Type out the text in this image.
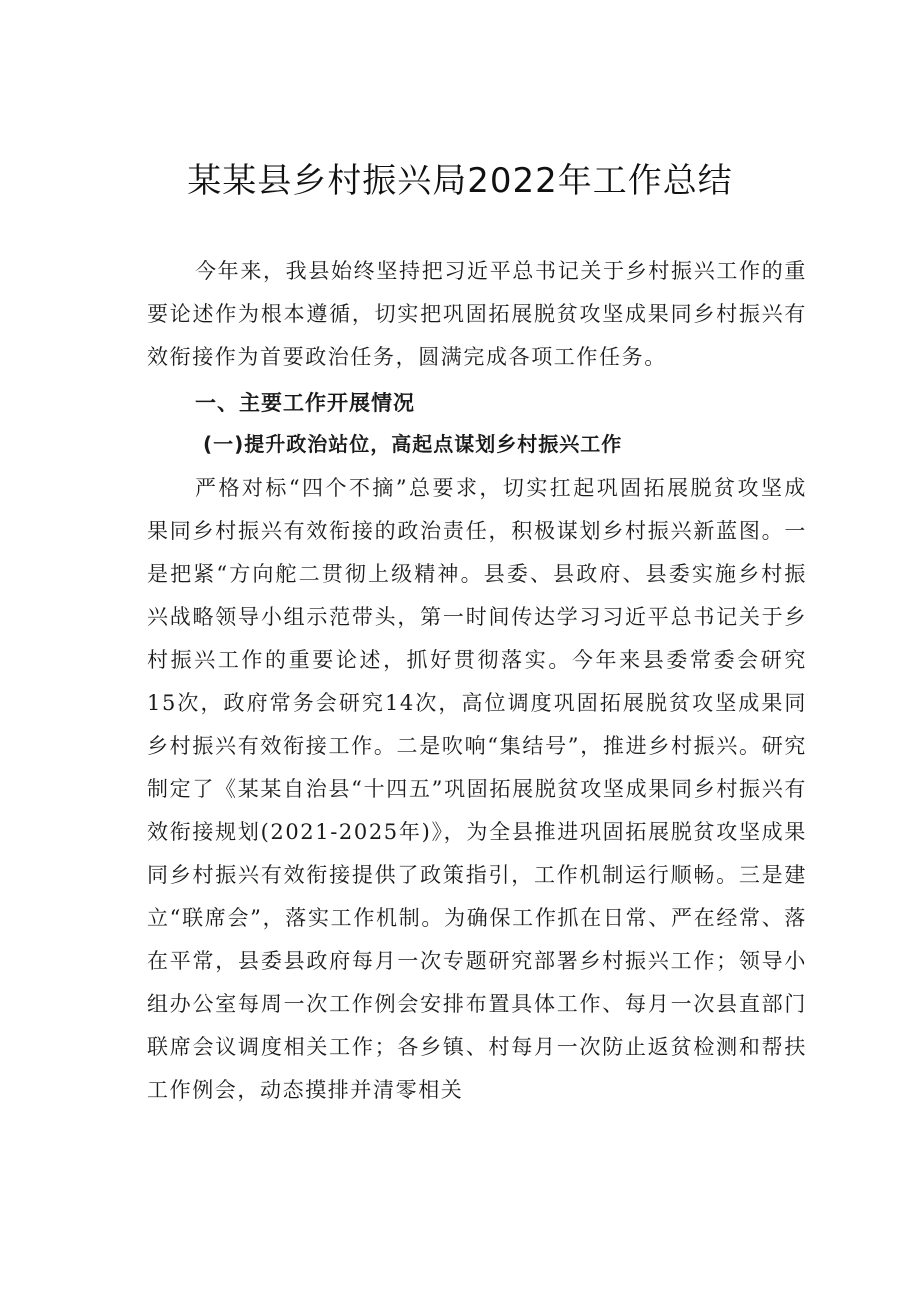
某某县乡村振兴局2022年工作总结

今年来，我县始终坚持把习近平总书记关于乡村振兴工作的重要论述作为根本遵循，切实把巩固拓展脱贫攻坚成果同乡村振兴有效衔接作为首要政治任务，圆满完成各项工作任务。

一、主要工作开展情况
(一)提升政治站位，高起点谋划乡村振兴工作

严格对标“四个不摘”总要求，切实扛起巩固拓展脱贫攻坚成果同乡村振兴有效衔接的政治责任，积极谋划乡村振兴新蓝图。一是把紧“方向舵二贯彻上级精神。县委、县政府、县委实施乡村振兴战略领导小组示范带头，第一时间传达学习习近平总书记关于乡村振兴工作的重要论述，抓好贯彻落实。今年来县委常委会研究15次，政府常务会研究14次，高位调度巩固拓展脱贫攻坚成果同乡村振兴有效衔接工作。二是吹响“集结号”，推进乡村振兴。研究制定了《某某自治县“十四五”巩固拓展脱贫攻坚成果同乡村振兴有效衔接规划(2021-2025年)》，为全县推进巩固拓展脱贫攻坚成果同乡村振兴有效衔接提供了政策指引，工作机制运行顺畅。三是建立“联席会”，落实工作机制。为确保工作抓在日常、严在经常、落在平常，县委县政府每月一次专题研究部署乡村振兴工作；领导小组办公室每周一次工作例会安排布置具体工作、每月一次县直部门联席会议调度相关工作；各乡镇、村每月一次防止返贫检测和帮扶工作例会，动态摸排并清零相关
